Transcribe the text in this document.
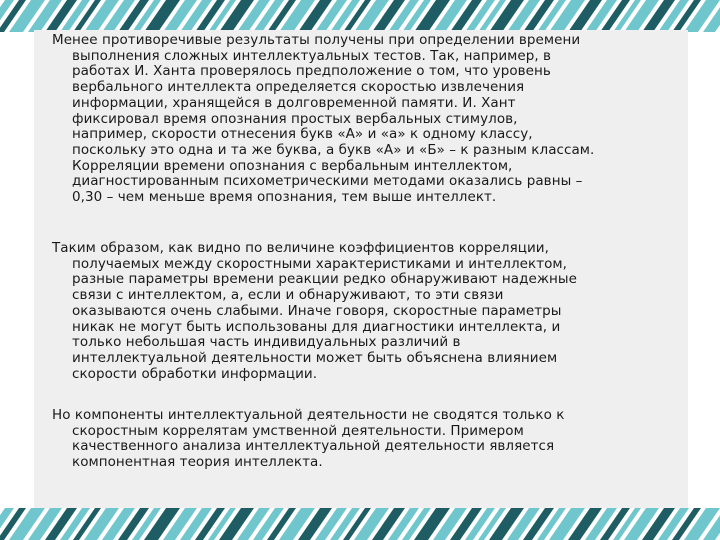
Менее противоречивые результаты получены при определении времени
выполнения сложных интеллектуальных тестов. Так, например, в
работах И. Ханта проверялось предположение о том, что уровень
вербального интеллекта определяется скоростью извлечения
информации, хранящейся в долговременной памяти. И. Хант
фиксировал время опознания простых вербальных стимулов,
например, скорости отнесения букв «А» и «а» к одному классу,
поскольку это одна и та же буква, а букв «А» и «Б» – к разным классам.
Корреляции времени опознания с вербальным интеллектом,
диагностированным психометрическими методами оказались равны –
0,30 – чем меньше время опознания, тем выше интеллект.

Таким образом, как видно по величине коэффициентов корреляции,
получаемых между скоростными характеристиками и интеллектом,
разные параметры времени реакции редко обнаруживают надежные
связи с интеллектом, а, если и обнаруживают, то эти связи
оказываются очень слабыми. Иначе говоря, скоростные параметры
никак не могут быть использованы для диагностики интеллекта, и
только небольшая часть индивидуальных различий в
интеллектуальной деятельности может быть объяснена влиянием
скорости обработки информации.

Но компоненты интеллектуальной деятельности не сводятся только к
скоростным коррелятам умственной деятельности. Примером
качественного анализа интеллектуальной деятельности является
компонентная теория интеллекта.
